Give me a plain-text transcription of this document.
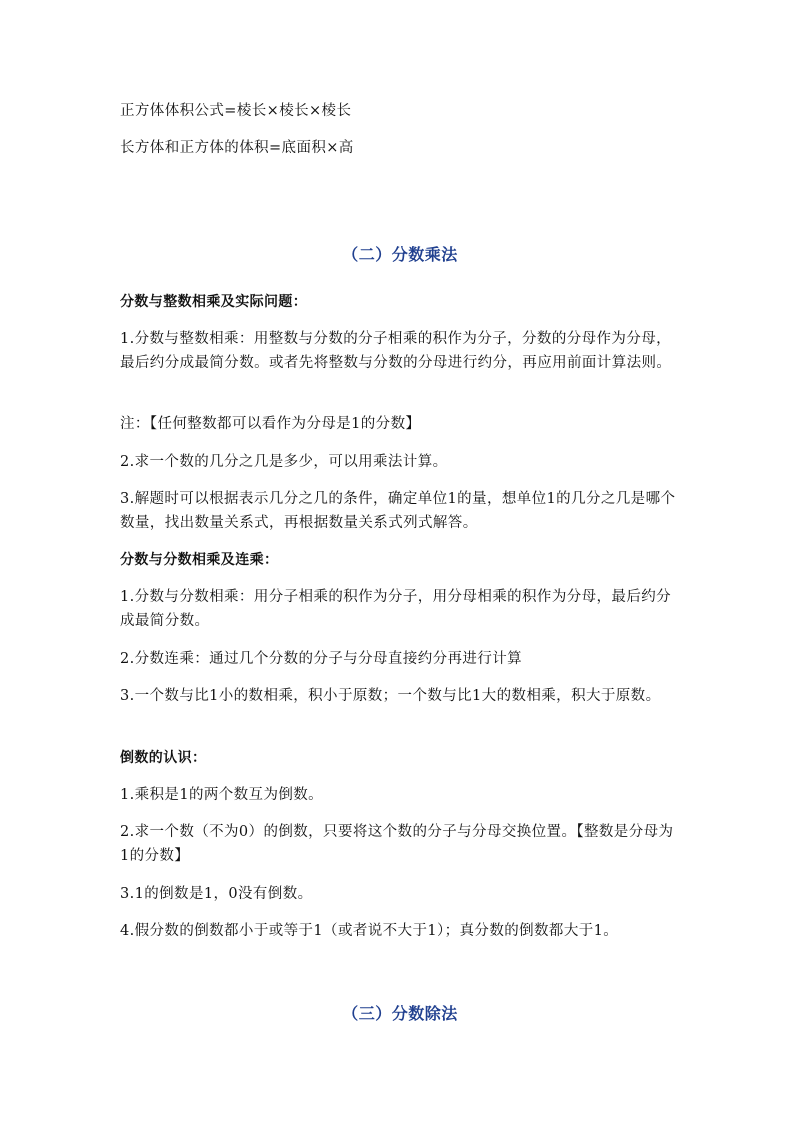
正方体体积公式=棱长×棱长×棱长
长方体和正方体的体积=底面积×高
（二）分数乘法
分数与整数相乘及实际问题：
1.分数与整数相乘：用整数与分数的分子相乘的积作为分子，分数的分母作为分母，最后约分成最简分数。或者先将整数与分数的分母进行约分，再应用前面计算法则。
注：【任何整数都可以看作为分母是1的分数】
2.求一个数的几分之几是多少，可以用乘法计算。
3.解题时可以根据表示几分之几的条件，确定单位1的量，想单位1的几分之几是哪个数量，找出数量关系式，再根据数量关系式列式解答。
分数与分数相乘及连乘：
1.分数与分数相乘：用分子相乘的积作为分子，用分母相乘的积作为分母，最后约分成最简分数。
2.分数连乘：通过几个分数的分子与分母直接约分再进行计算
3.一个数与比1小的数相乘，积小于原数；一个数与比1大的数相乘，积大于原数。
倒数的认识：
1.乘积是1的两个数互为倒数。
2.求一个数（不为0）的倒数，只要将这个数的分子与分母交换位置。【整数是分母为1的分数】
3.1的倒数是1，0没有倒数。
4.假分数的倒数都小于或等于1（或者说不大于1）；真分数的倒数都大于1。
（三）分数除法
